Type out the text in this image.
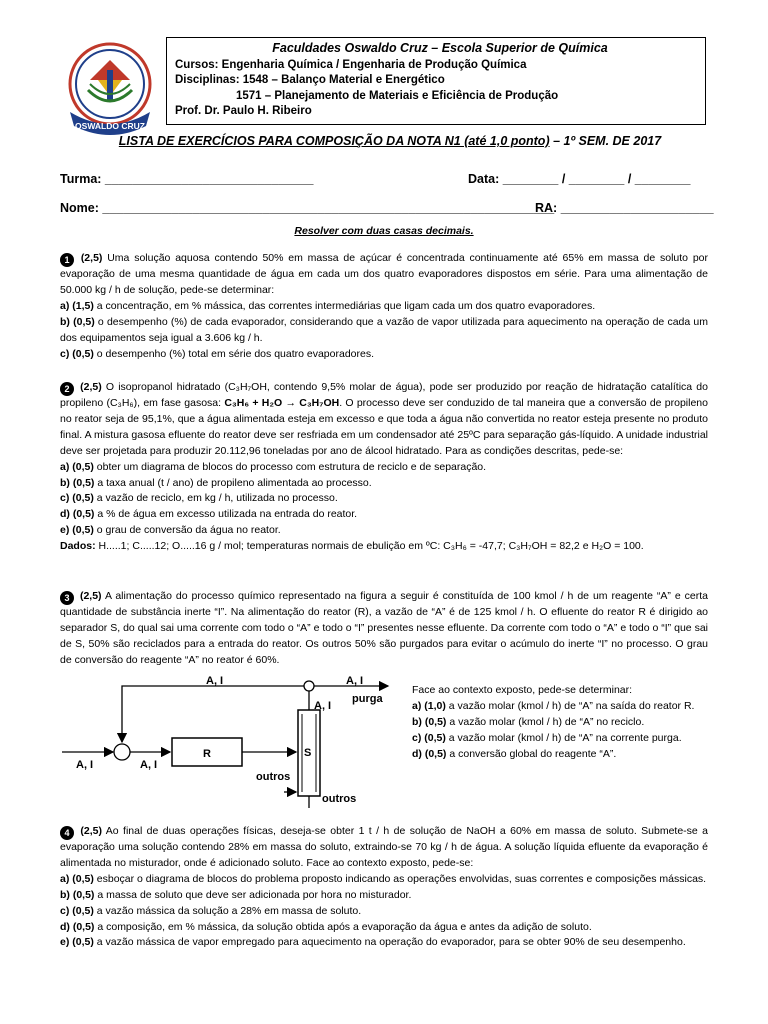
OSWALDO CRUZ
Faculdades Oswaldo Cruz – Escola Superior de Química
Cursos: Engenharia Química / Engenharia de Produção Química
Disciplinas: 1548 – Balanço Material e Energético
1571 – Planejamento de Materiais e Eficiência de Produção
Prof. Dr. Paulo H. Ribeiro
LISTA DE EXERCÍCIOS PARA COMPOSIÇÃO DA NOTA N1 (até 1,0 ponto) – 1º SEM. DE 2017
Turma: ______________________________	Data: ________ / ________ / ________
Nome: _________________________________________________________________
RA: ______________________
Resolver com duas casas decimais.

1 (2,5) Uma solução aquosa contendo 50% em massa de açúcar é concentrada continuamente até 65% em massa de soluto por evaporação de uma mesma quantidade de água em cada um dos quatro evaporadores dispostos em série. Para uma alimentação de 50.000 kg / h de solução, pede-se determinar:

a) (1,5) a concentração, em % mássica, das correntes intermediárias que ligam cada um dos quatro evaporadores.

b) (0,5) o desempenho (%) de cada evaporador, considerando que a vazão de vapor utilizada para aquecimento na operação de cada um dos equipamentos seja igual a 3.606 kg / h.

c) (0,5) o desempenho (%) total em série dos quatro evaporadores.

2 (2,5) O isopropanol hidratado (C₃H₇OH, contendo 9,5% molar de água), pode ser produzido por reação de hidratação catalítica do propileno (C₃H₆), em fase gasosa: C₃H₆ + H₂O → C₃H₇OH. O processo deve ser conduzido de tal maneira que a conversão de propileno no reator seja de 95,1%, que a água alimentada esteja em excesso e que toda a água não convertida no reator esteja presente no produto final. A mistura gasosa efluente do reator deve ser resfriada em um condensador até 25ºC para separação gás-líquido. A unidade industrial deve ser projetada para produzir 20.112,96 toneladas por ano de álcool hidratado. Para as condições descritas, pede-se:

a) (0,5) obter um diagrama de blocos do processo com estrutura de reciclo e de separação.

b) (0,5) a taxa anual (t / ano) de propileno alimentada ao processo.

c) (0,5) a vazão de reciclo, em kg / h, utilizada no processo.

d) (0,5) a % de água em excesso utilizada na entrada do reator.

e) (0,5) o grau de conversão da água no reator.

Dados: H.....1; C.....12; O.....16 g / mol; temperaturas normais de ebulição em ºC: C₃H₆ = -47,7; C₃H₇OH = 82,2 e H₂O = 100.

3 (2,5) A alimentação do processo químico representado na figura a seguir é constituída de 100 kmol / h de um reagente “A” e certa quantidade de substância inerte “I”. Na alimentação do reator (R), a vazão de “A” é de 125 kmol / h. O efluente do reator R é dirigido ao separador S, do qual sai uma corrente com todo o “A” e todo o “I” presentes nesse efluente. Da corrente com todo o “A” e todo o “I” que sai de S, 50% são reciclados para a entrada do reator. Os outros 50% são purgados para evitar o acúmulo do inerte “I” no processo. O grau de conversão do reagente “A” no reator é 60%.

A, I	A, I
R	S
outros
outros
A, I
A, I
purga
A, I

Face ao contexto exposto, pede-se determinar:

a) (1,0) a vazão molar (kmol / h) de “A” na saída do reator R.

b) (0,5) a vazão molar (kmol / h) de “A” no reciclo.

c) (0,5) a vazão molar (kmol / h) de “A” na corrente purga.

d) (0,5) a conversão global do reagente “A”.

4 (2,5) Ao final de duas operações físicas, deseja-se obter 1 t / h de solução de NaOH a 60% em massa de soluto. Submete-se a evaporação uma solução contendo 28% em massa do soluto, extraindo-se 70 kg / h de água. A solução líquida efluente da evaporação é alimentada no misturador, onde é adicionado soluto. Face ao contexto exposto, pede-se:

a) (0,5) esboçar o diagrama de blocos do problema proposto indicando as operações envolvidas, suas correntes e composições mássicas.

b) (0,5) a massa de soluto que deve ser adicionada por hora no misturador.

c) (0,5) a vazão mássica da solução a 28% em massa de soluto.

d) (0,5) a composição, em % mássica, da solução obtida após a evaporação da água e antes da adição de soluto.

e) (0,5) a vazão mássica de vapor empregado para aquecimento na operação do evaporador, para se obter 90% de seu desempenho.
